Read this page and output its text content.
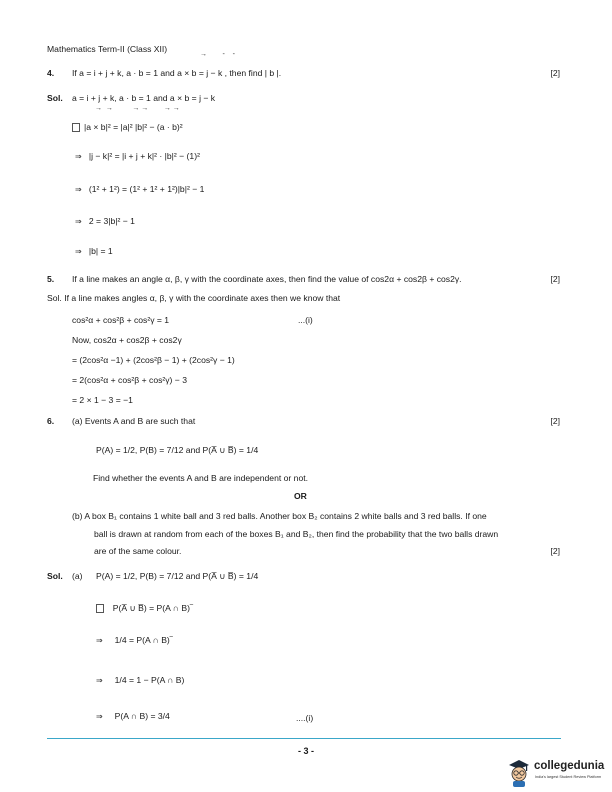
Mathematics Term-II (Class XII)
→        ‑    ‑
4. If a = i + j + k, a · b = 1 and a × b = j − k , then find | b |.	[2]
Sol. a = i + j + k, a · b = 1 and a × b = j − k
→  →          → →        → →
|a × b|² = |a|² |b|² − (a · b)²
⇒ |j − k|² = |i + j + k|² · |b|² − (1)²
⇒ (1² + 1²) = (1² + 1² + 1²)|b|² − 1
⇒ 2 = 3|b|² − 1
⇒ |b| = 1
5. If a line makes an angle α, β, γ with the coordinate axes, then find the value of cos2α + cos2β + cos2γ.	[2]
Sol. If a line makes angles α, β, γ with the coordinate axes then we know that
cos²α + cos²β + cos²γ = 1	...(i)
Now, cos2α + cos2β + cos2γ
= (2cos²α −1) + (2cos²β − 1) + (2cos²γ − 1)
= 2(cos²α + cos²β + cos²γ) − 3
= 2 × 1 − 3 = −1
6. (a) Events A and B are such that	[2]
P(A) = 1/2, P(B) = 7/12 and P(A̅ ∪ B̅) = 1/4
Find whether the events A and B are independent or not.
OR
(b) A box B₁ contains 1 white ball and 3 red balls. Another box B₂ contains 2 white balls and 3 red balls. If one
ball is drawn at random from each of the boxes B₁ and B₂, then find the probability that the two balls drawn
are of the same colour.	[2]
Sol. (a) P(A) = 1/2, P(B) = 7/12 and P(A̅ ∪ B̅) = 1/4
P(A̅ ∪ B̅) = P(A ∩ B)‾
⇒ 1/4 = P(A ∩ B)‾
⇒ 1/4 = 1 − P(A ∩ B)
⇒ P(A ∩ B) = 3/4	....(i)
- 3 -
collegedunia
India's largest Student Review Platform
